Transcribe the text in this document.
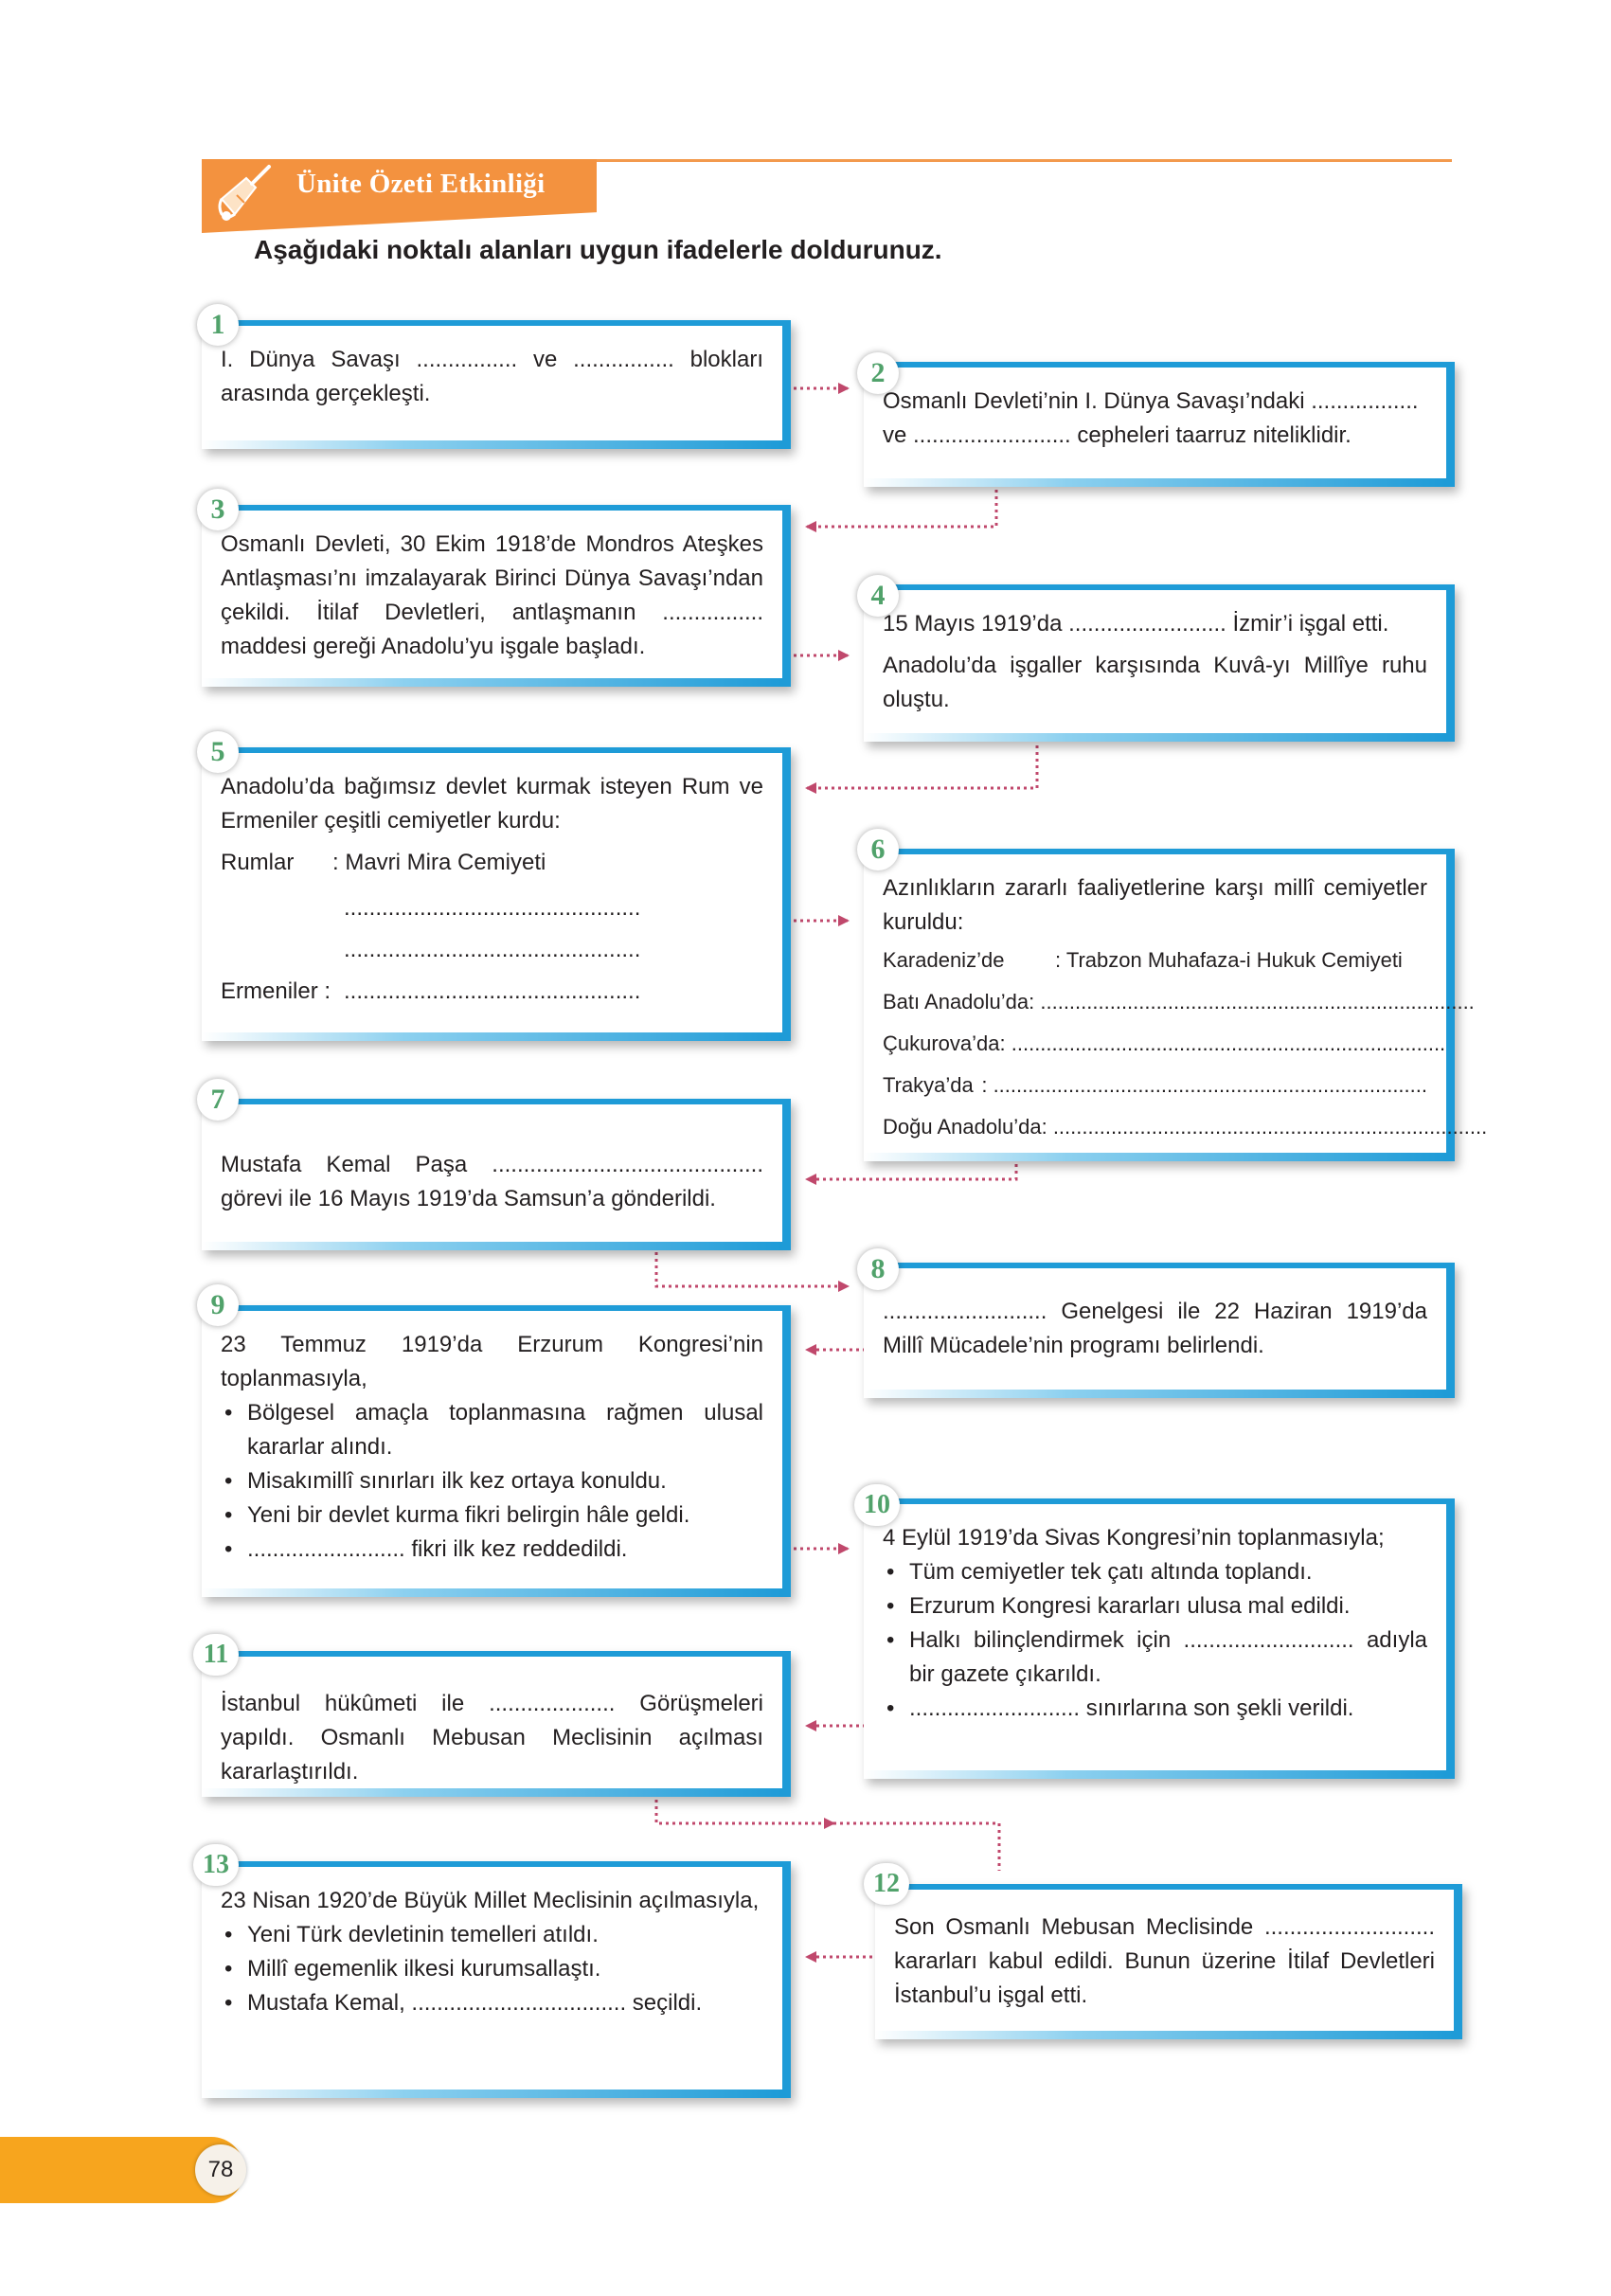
Ünite Özeti Etkinliği
Aşağıdaki noktalı alanları uygun ifadelerle doldurunuz.

I. Dünya Savaşı ................ ve ................ blokları arasında gerçekleşti.

1

Osmanlı Devleti’nin I. Dünya Savaşı’ndaki .................

ve ......................... cepheleri taarruz niteliklidir.

2

Osmanlı Devleti, 30 Ekim 1918’de Mondros Ateşkes Antlaşması’nı imzalayarak Birinci Dünya Savaşı’ndan çekildi. İtilaf Devletleri, antlaşmanın ................ maddesi gereği Anadolu’yu işgale başladı.

3

15 Mayıs 1919’da ......................... İzmir’i işgal etti.

Anadolu’da işgaller karşısında Kuvâ-yı Millîye ruhu oluştu.

4

Anadolu’da bağımsız devlet kurmak isteyen Rum ve Ermeniler çeşitli cemiyetler kurdu:

Rumlar	: Mavri Mira Cemiyeti
...............................................
...............................................
Ermeniler : ...............................................
5

Azınlıkların zararlı faaliyetlerine karşı millî cemiyetler kuruldu:

Karadeniz’de	: Trabzon Muhafaza-i Hukuk Cemiyeti
Batı Anadolu’da : ...........................................................................
Çukurova’da : ...........................................................................
Trakya’da : ...........................................................................
Doğu Anadolu’da : ...........................................................................
6

Mustafa Kemal Paşa ........................................... görevi ile 16 Mayıs 1919’da Samsun’a gönderildi.

7

.......................... Genelgesi ile 22 Haziran 1919’da Millî Mücadele’nin programı belirlendi.

8

23 Temmuz 1919’da Erzurum Kongresi’nin toplanmasıyla,

• Bölgesel amaçla toplanmasına rağmen ulusal kararlar alındı.
• Misakımillî sınırları ilk kez ortaya konuldu.
• Yeni bir devlet kurma fikri belirgin hâle geldi.
• ......................... fikri ilk kez reddedildi.
9

4 Eylül 1919’da Sivas Kongresi’nin toplanmasıyla;

• Tüm cemiyetler tek çatı altında toplandı.
• Erzurum Kongresi kararları ulusa mal edildi.
• Halkı bilinçlendirmek için ........................... adıyla bir gazete çıkarıldı.
• ........................... sınırlarına son şekli verildi.
10

İstanbul hükûmeti ile .................... Görüşmeleri yapıldı. Osmanlı Mebusan Meclisinin açılması kararlaştırıldı.

11

Son Osmanlı Mebusan Meclisinde ........................... kararları kabul edildi. Bunun üzerine İtilaf Devletleri İstanbul’u işgal etti.

12

23 Nisan 1920’de Büyük Millet Meclisinin açılmasıyla,

• Yeni Türk devletinin temelleri atıldı.
• Millî egemenlik ilkesi kurumsallaştı.
• Mustafa Kemal, .................................. seçildi.
13
78
